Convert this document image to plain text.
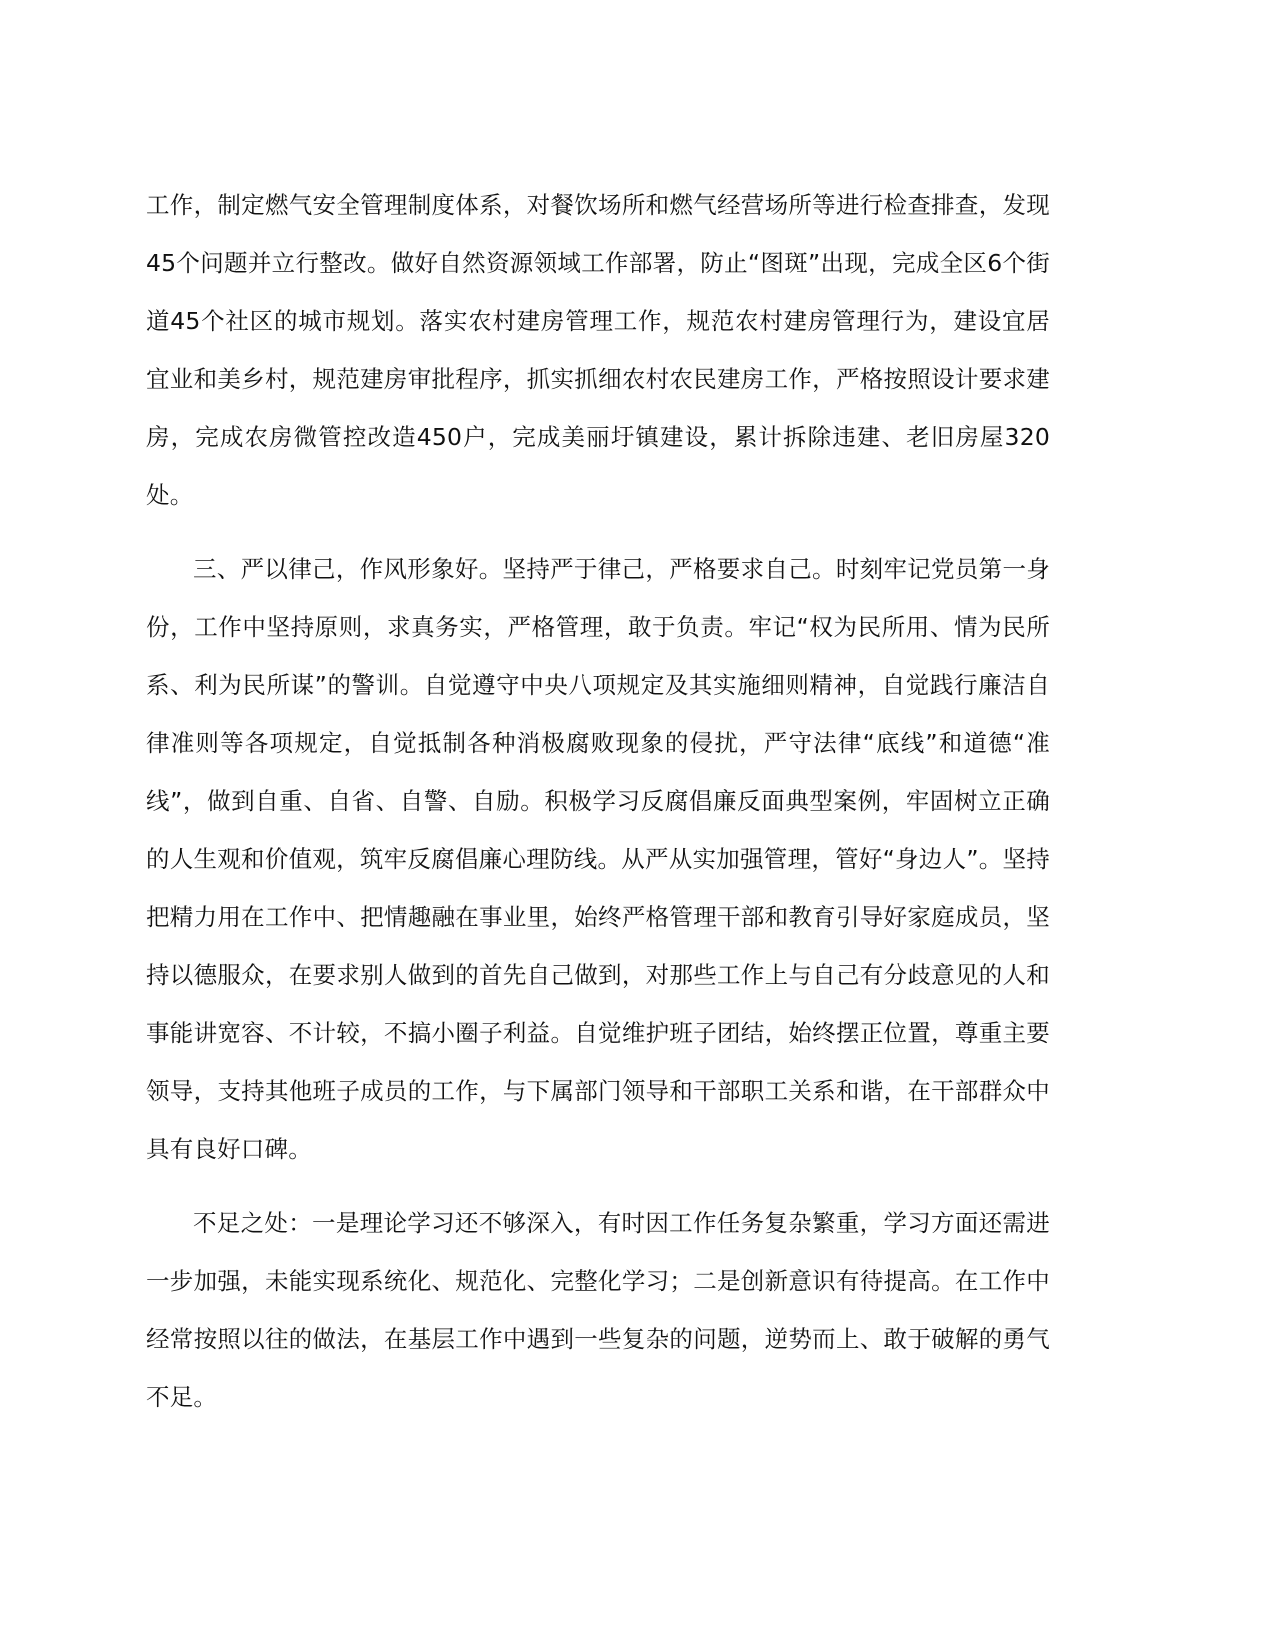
工作，制定燃气安全管理制度体系，对餐饮场所和燃气经营场所等进行检查排查，发现45个问题并立行整改。做好自然资源领域工作部署，防止“图斑”出现，完成全区6个街道45个社区的城市规划。落实农村建房管理工作，规范农村建房管理行为，建设宜居宜业和美乡村，规范建房审批程序，抓实抓细农村农民建房工作，严格按照设计要求建房，完成农房微管控改造450户，完成美丽圩镇建设，累计拆除违建、老旧房屋320处。

三、严以律己，作风形象好。坚持严于律己，严格要求自己。时刻牢记党员第一身份，工作中坚持原则，求真务实，严格管理，敢于负责。牢记“权为民所用、情为民所系、利为民所谋”的警训。自觉遵守中央八项规定及其实施细则精神，自觉践行廉洁自律准则等各项规定，自觉抵制各种消极腐败现象的侵扰，严守法律“底线”和道德“准线”，做到自重、自省、自警、自励。积极学习反腐倡廉反面典型案例，牢固树立正确的人生观和价值观，筑牢反腐倡廉心理防线。从严从实加强管理，管好“身边人”。坚持把精力用在工作中、把情趣融在事业里，始终严格管理干部和教育引导好家庭成员，坚持以德服众，在要求别人做到的首先自己做到，对那些工作上与自己有分歧意见的人和事能讲宽容、不计较，不搞小圈子利益。自觉维护班子团结，始终摆正位置，尊重主要领导，支持其他班子成员的工作，与下属部门领导和干部职工关系和谐，在干部群众中具有良好口碑。

不足之处：一是理论学习还不够深入，有时因工作任务复杂繁重，学习方面还需进一步加强，未能实现系统化、规范化、完整化学习；二是创新意识有待提高。在工作中经常按照以往的做法，在基层工作中遇到一些复杂的问题，逆势而上、敢于破解的勇气不足。
